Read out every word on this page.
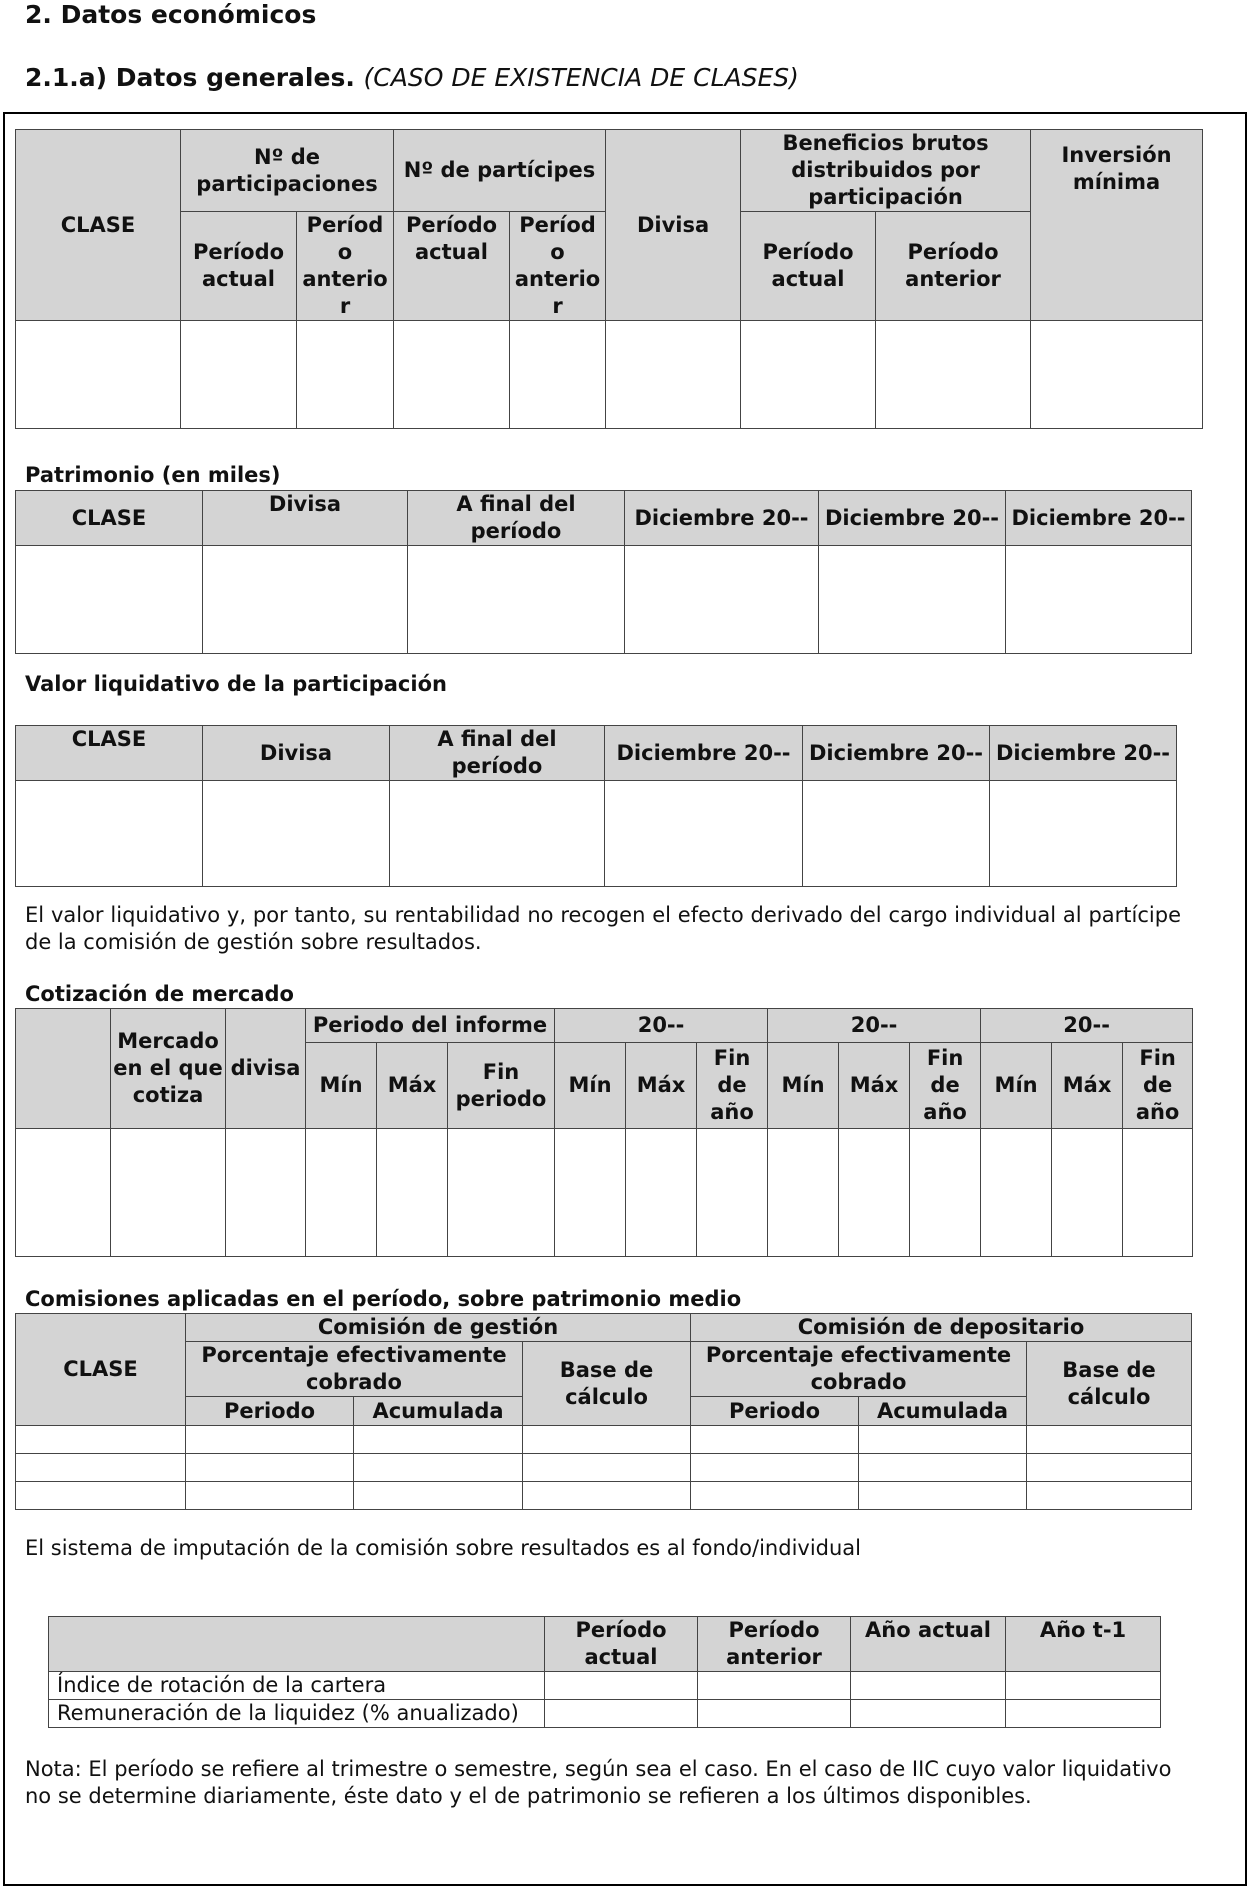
2. Datos económicos
2.1.a) Datos generales. (CASO DE EXISTENCIA DE CLASES)
CLASE	Nº de participaciones		Nº de partícipes		Divisa	Beneficios brutos distribuidos por participación		Inversión mínima
	Período actual	Períod o anterio r	Período actual	Períod o anterio r		Período actual	Período anterior	

Patrimonio (en miles)
CLASE	Divisa	A final del período	Diciembre 20--	Diciembre 20--	Diciembre 20--

Valor liquidativo de la participación
CLASE	Divisa	A final del período	Diciembre 20--	Diciembre 20--	Diciembre 20--

El valor liquidativo y, por tanto, su rentabilidad no recogen el efecto derivado del cargo individual al partícipe de la comisión de gestión sobre resultados.
Cotización de mercado
	Mercado en el que cotiza	divisa	Periodo del informe			20--			20--			20--		
			Mín	Máx	Fin periodo	Mín	Máx	Fin de año	Mín	Máx	Fin de año	Mín	Máx	Fin de año

Comisiones aplicadas en el período, sobre patrimonio medio
CLASE	Comisión de gestión			Comisión de depositario		
	Porcentaje efectivamente cobrado		Base de cálculo	Porcentaje efectivamente cobrado		Base de cálculo
	Periodo	Acumulada		Periodo	Acumulada	

El sistema de imputación de la comisión sobre resultados es al fondo/individual
	Período actual	Período anterior	Año actual	Año t-1
Índice de rotación de la cartera				
Remuneración de la liquidez (% anualizado)				
Nota: El período se refiere al trimestre o semestre, según sea el caso. En el caso de IIC cuyo valor liquidativo no se determine diariamente, éste dato y el de patrimonio se refieren a los últimos disponibles.
